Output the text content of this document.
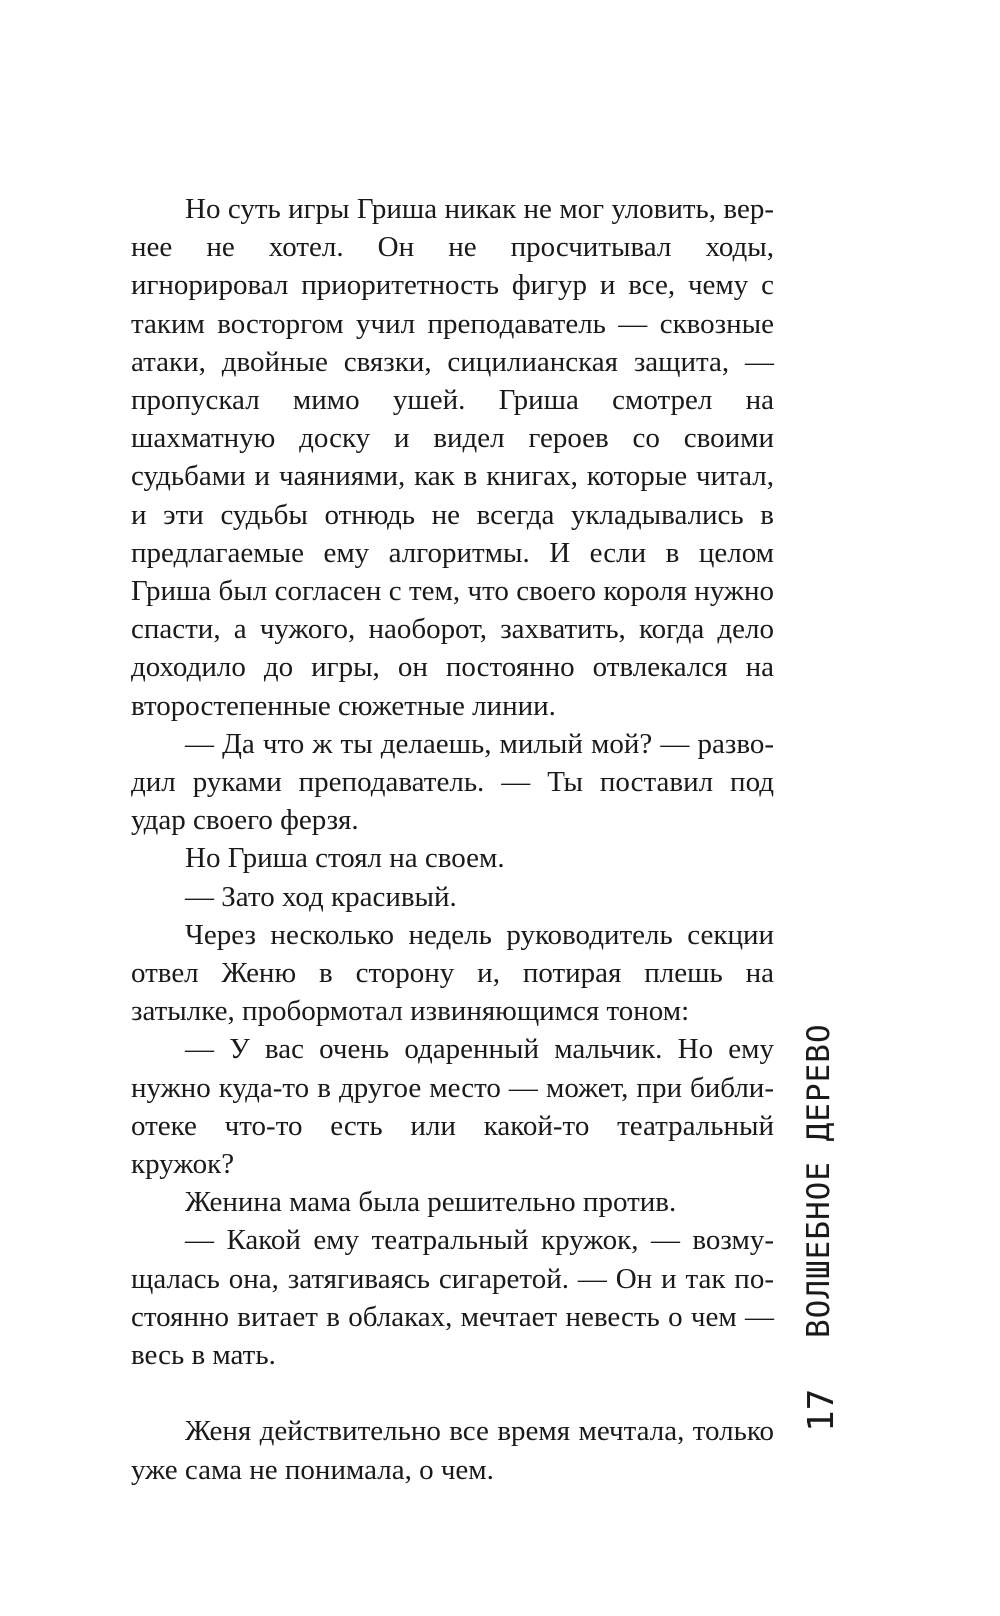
Но суть игры Гриша никак не мог уловить, вернее не хотел. Он не просчитывал ходы, игнорировал приоритетность фигур и все, чему с таким восторгом учил преподаватель — сквозные атаки, двойные связки, сицилианская защита, — пропускал мимо ушей. Гриша смотрел на шахматную доску и видел героев со своими судьбами и чаяниями, как в книгах, которые читал, и эти судьбы отнюдь не всегда укладывались в предлагаемые ему алгоритмы. И если в целом Гриша был согласен с тем, что своего короля нужно спасти, а чужого, наоборот, захватить, когда дело доходило до игры, он постоянно отвлекался на второстепенные сюжетные линии.

— Да что ж ты делаешь, милый мой? — разводил руками преподаватель. — Ты поставил под удар своего ферзя.

Но Гриша стоял на своем.

— Зато ход красивый.

Через несколько недель руководитель секции отвел Женю в сторону и, потирая плешь на затылке, пробормотал извиняющимся тоном:

— У вас очень одаренный мальчик. Но ему нужно куда-то в другое место — может, при библиотеке что-то есть или какой-то театральный кружок?

Женина мама была решительно против.

— Какой ему театральный кружок, — возмущалась она, затягиваясь сигаретой. — Он и так постоянно витает в облаках, мечтает невесть о чем — весь в мать.

Женя действительно все время мечтала, только уже сама не понимала, о чем.

ВОЛШЕБНОЕ ДЕРЕВО
17
